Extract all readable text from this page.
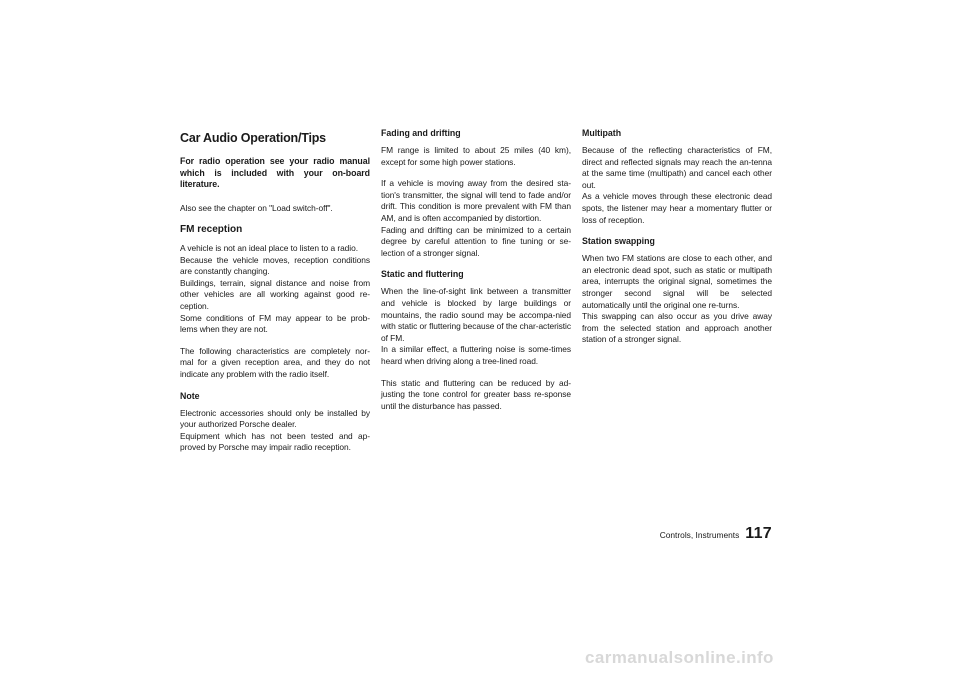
Car Audio Operation/Tips

For radio operation see your radio manual which is included with your on-board literature.

Also see the chapter on "Load switch-off".

FM reception

A vehicle is not an ideal place to listen to a radio.
Because the vehicle moves, reception conditions are constantly changing.
Buildings, terrain, signal distance and noise from other vehicles are all working against good re-ception.
Some conditions of FM may appear to be prob-lems when they are not.

The following characteristics are completely nor-mal for a given reception area, and they do not indicate any problem with the radio itself.

Note

Electronic accessories should only be installed by your authorized Porsche dealer.
Equipment which has not been tested and ap-proved by Porsche may impair radio reception.

Fading and drifting

FM range is limited to about 25 miles (40 km), except for some high power stations.

If a vehicle is moving away from the desired sta-tion's transmitter, the signal will tend to fade and/or drift. This condition is more prevalent with FM than AM, and is often accompanied by distortion.
Fading and drifting can be minimized to a certain degree by careful attention to fine tuning or se-lection of a stronger signal.

Static and fluttering

When the line-of-sight link between a transmitter and vehicle is blocked by large buildings or mountains, the radio sound may be accompa-nied with static or fluttering because of the char-acteristic of FM.
In a similar effect, a fluttering noise is some-times heard when driving along a tree-lined road.

This static and fluttering can be reduced by ad-justing the tone control for greater bass re-sponse until the disturbance has passed.

Multipath

Because of the reflecting characteristics of FM, direct and reflected signals may reach the an-tenna at the same time (multipath) and cancel each other out.
As a vehicle moves through these electronic dead spots, the listener may hear a momentary flutter or loss of reception.

Station swapping

When two FM stations are close to each other, and an electronic dead spot, such as static or multipath area, interrupts the original signal, sometimes the stronger second signal will be selected automatically until the original one re-turns.
This swapping can also occur as you drive away from the selected station and approach another station of a stronger signal.

Controls, Instruments 117
carmanualsonline.info
